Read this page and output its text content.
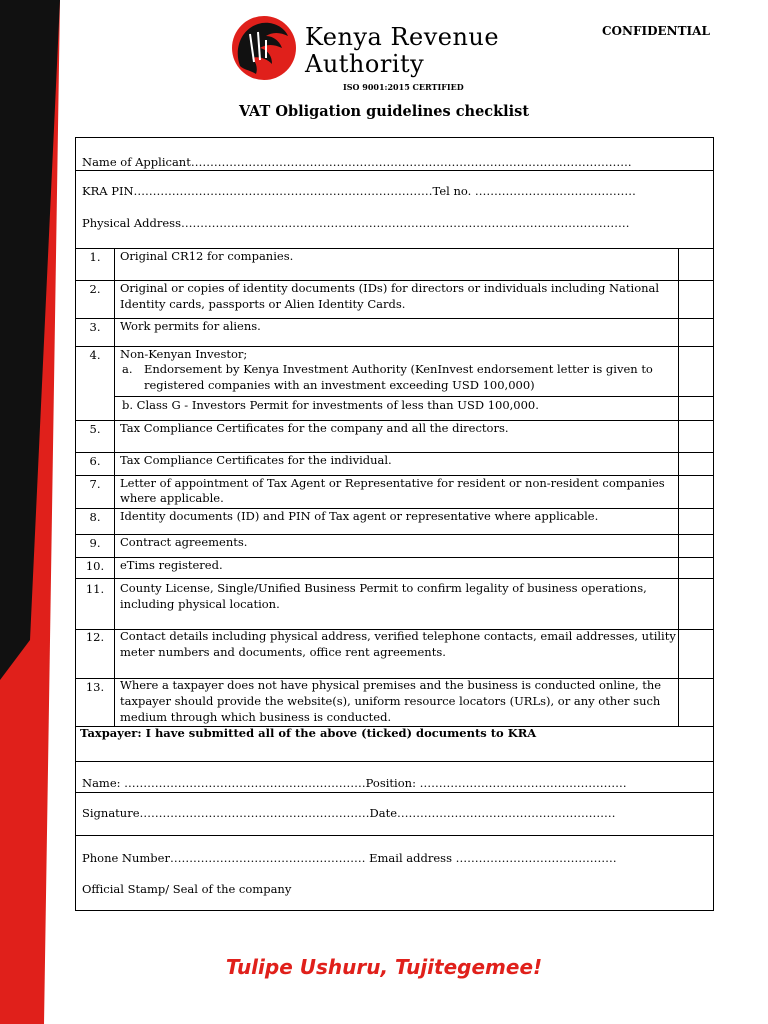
Kenya Revenue
Authority
ISO 9001:2015 CERTIFIED
CONFIDENTIAL
VAT Obligation guidelines checklist
Name of Applicant…………………………………………………………………………………………………….
KRA PIN……………………………………………………………………Tel no. ……………………………………
Physical Address………………………………………………………………………………………………………
1.	Original CR12 for companies.
2.	Original or copies of identity documents (IDs) for directors or individuals including National
Identity cards, passports or Alien Identity Cards.
3.	Work permits for aliens.
4.	Non-Kenyan Investor;
a. Endorsement by Kenya Investment Authority (KenInvest endorsement letter is given to
registered companies with an investment exceeding USD 100,000)
b. Class G - Investors Permit for investments of less than USD 100,000.
5.	Tax Compliance Certificates for the company and all the directors.
6.	Tax Compliance Certificates for the individual.
7.	Letter of appointment of Tax Agent or Representative for resident or non-resident companies
where applicable.
8.	Identity documents (ID) and PIN of Tax agent or representative where applicable.
9.	Contract agreements.
10.	eTims registered.
11.	County License, Single/Unified Business Permit to confirm legality of business operations,
including physical location.
12.	Contact details including physical address, verified telephone contacts, email addresses, utility
meter numbers and documents, office rent agreements.
13.	Where a taxpayer does not have physical premises and the business is conducted online, the
taxpayer should provide the website(s), uniform resource locators (URLs), or any other such
medium through which business is conducted.
Taxpayer: I have submitted all of the above (ticked) documents to KRA
Name: ………………………………………………………Position: ………………………………………………
Signature……………………………………………………Date…………………………………………………
Phone Number…………………………………………… Email address ……………………………………
Official Stamp/ Seal of the company
Tulipe Ushuru, Tujitegemee!
